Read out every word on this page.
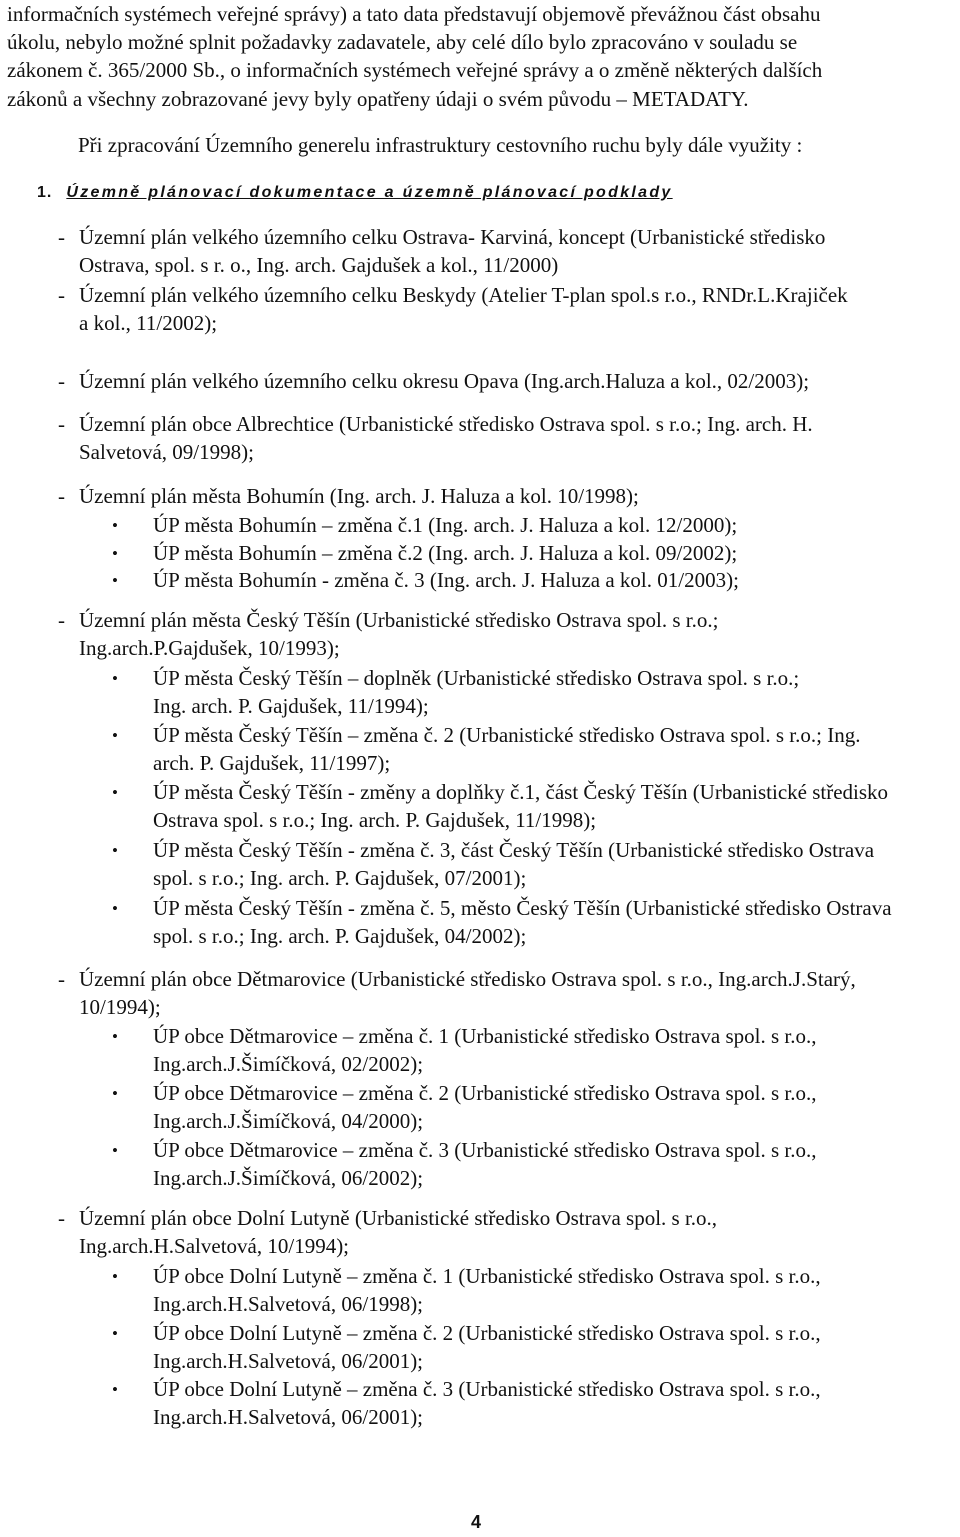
informačních systémech veřejné správy) a tato data představují objemově převážnou část obsahu
úkolu, nebylo možné splnit požadavky zadavatele, aby celé dílo bylo zpracováno v souladu se
zákonem č. 365/2000 Sb., o informačních systémech veřejné správy a o změně některých dalších
zákonů a všechny zobrazované jevy byly opatřeny údaji o svém původu – METADATY.
Při zpracování Územního generelu infrastruktury cestovního ruchu byly dále využity :
1. Územně plánovací dokumentace a územně plánovací podklady
- Územní plán velkého územního celku Ostrava- Karviná, koncept (Urbanistické středisko
Ostrava, spol. s r. o., Ing. arch. Gajdušek a kol., 11/2000)
- Územní plán velkého územního celku Beskydy (Atelier T-plan spol.s r.o., RNDr.L.Krajiček
a kol., 11/2002);
- Územní plán velkého územního celku okresu Opava (Ing.arch.Haluza a kol., 02/2003);
- Územní plán obce Albrechtice (Urbanistické středisko Ostrava spol. s r.o.; Ing. arch. H.
Salvetová, 09/1998);
- Územní plán města Bohumín (Ing. arch. J. Haluza a kol. 10/1998);
• ÚP města Bohumín – změna č.1 (Ing. arch. J. Haluza a kol. 12/2000);
• ÚP města Bohumín – změna č.2 (Ing. arch. J. Haluza a kol. 09/2002);
• ÚP města Bohumín - změna č. 3 (Ing. arch. J. Haluza a kol. 01/2003);
- Územní plán města Český Těšín (Urbanistické středisko Ostrava spol. s r.o.;
Ing.arch.P.Gajdušek, 10/1993);
• ÚP města Český Těšín – doplněk (Urbanistické středisko Ostrava spol. s r.o.;
Ing. arch. P. Gajdušek, 11/1994);
• ÚP města Český Těšín – změna č. 2 (Urbanistické středisko Ostrava spol. s r.o.; Ing.
arch. P. Gajdušek, 11/1997);
• ÚP města Český Těšín - změny a doplňky č.1, část Český Těšín (Urbanistické středisko
Ostrava spol. s r.o.; Ing. arch. P. Gajdušek, 11/1998);
• ÚP města Český Těšín - změna č. 3, část Český Těšín (Urbanistické středisko Ostrava
spol. s r.o.; Ing. arch. P. Gajdušek, 07/2001);
• ÚP města Český Těšín - změna č. 5, město Český Těšín (Urbanistické středisko Ostrava
spol. s r.o.; Ing. arch. P. Gajdušek, 04/2002);
- Územní plán obce Dětmarovice (Urbanistické středisko Ostrava spol. s r.o., Ing.arch.J.Starý,
10/1994);
• ÚP obce Dětmarovice – změna č. 1 (Urbanistické středisko Ostrava spol. s r.o.,
Ing.arch.J.Šimíčková, 02/2002);
• ÚP obce Dětmarovice – změna č. 2 (Urbanistické středisko Ostrava spol. s r.o.,
Ing.arch.J.Šimíčková, 04/2000);
• ÚP obce Dětmarovice – změna č. 3 (Urbanistické středisko Ostrava spol. s r.o.,
Ing.arch.J.Šimíčková, 06/2002);
- Územní plán obce Dolní Lutyně (Urbanistické středisko Ostrava spol. s r.o.,
Ing.arch.H.Salvetová, 10/1994);
• ÚP obce Dolní Lutyně – změna č. 1 (Urbanistické středisko Ostrava spol. s r.o.,
Ing.arch.H.Salvetová, 06/1998);
• ÚP obce Dolní Lutyně – změna č. 2 (Urbanistické středisko Ostrava spol. s r.o.,
Ing.arch.H.Salvetová, 06/2001);
• ÚP obce Dolní Lutyně – změna č. 3 (Urbanistické středisko Ostrava spol. s r.o.,
Ing.arch.H.Salvetová, 06/2001);
4
